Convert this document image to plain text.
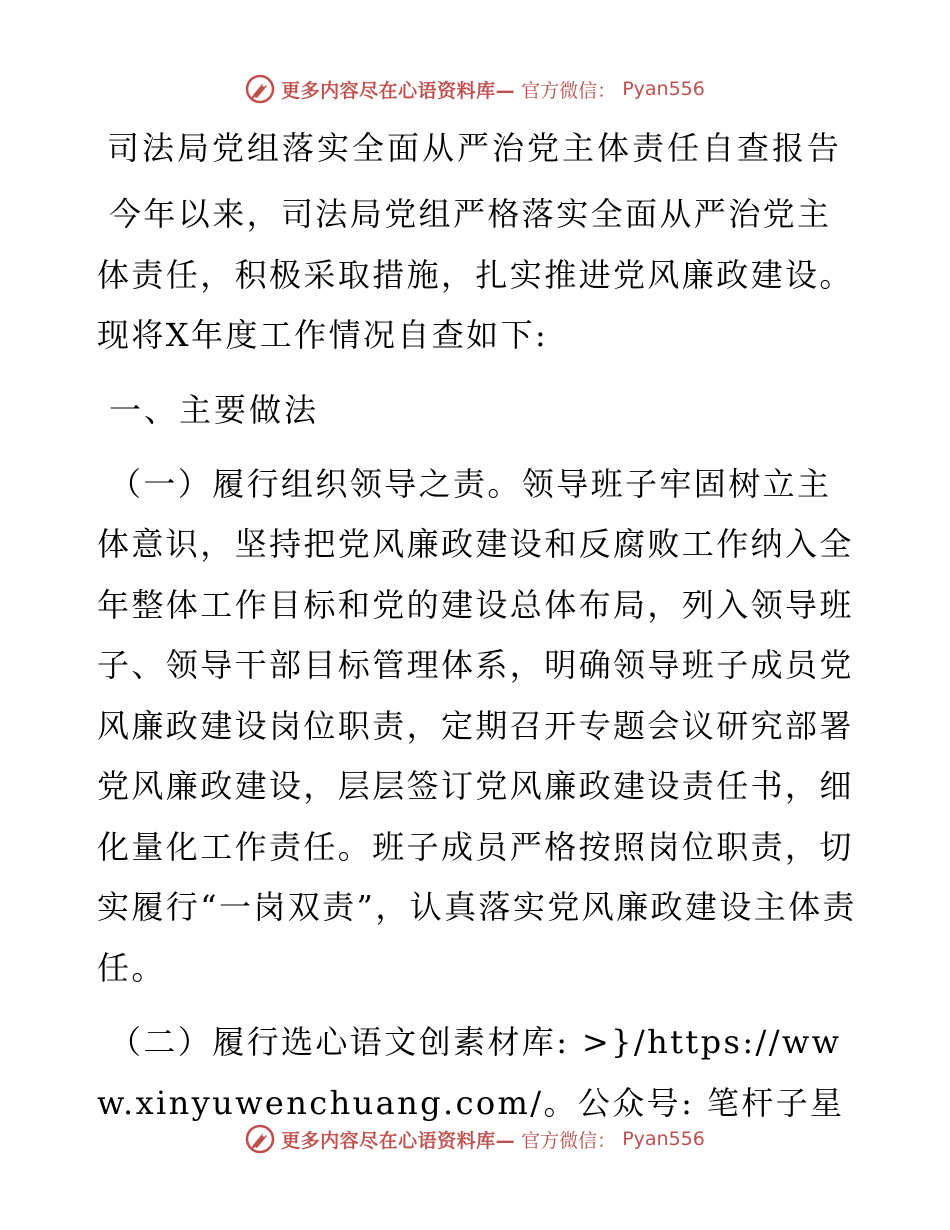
更多内容尽在心语资料库— 官方微信： Pyan556
司法局党组落实全面从严治党主体责任自查报告

今年以来，司法局党组严格落实全面从严治党主体责任，积极采取措施，扎实推进党风廉政建设。现将X年度工作情况自查如下:

一、主要做法

（一）履行组织领导之责。领导班子牢固树立主体意识，坚持把党风廉政建设和反腐败工作纳入全年整体工作目标和党的建设总体布局，列入领导班子、领导干部目标管理体系，明确领导班子成员党风廉政建设岗位职责，定期召开专题会议研究部署党风廉政建设，层层签订党风廉政建设责任书，细化量化工作责任。班子成员严格按照岗位职责，切实履行“一岗双责”，认真落实党风廉政建设主体责任。

（二）履行选心语文创素材库: >}/https://www.xinyuwenchuang.com/。公众号: 笔杆子星

更多内容尽在心语资料库— 官方微信： Pyan556
